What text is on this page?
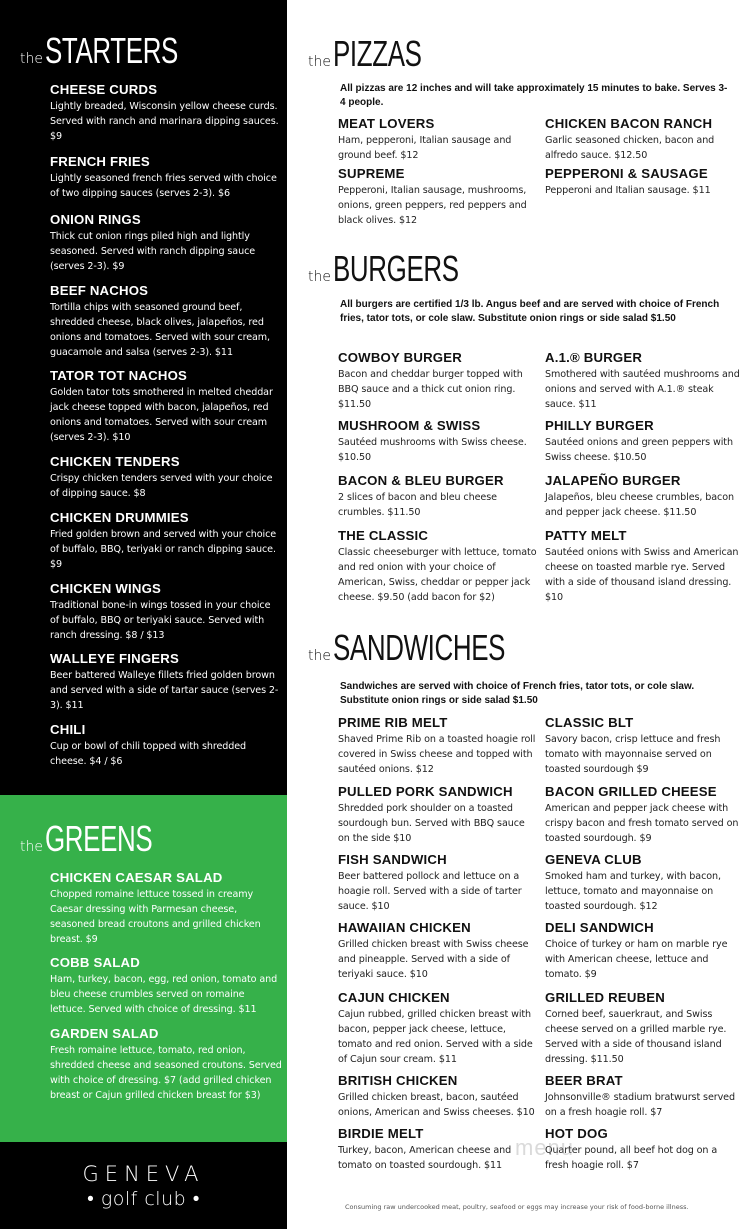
the STARTERS
CHEESE CURDS
Lightly breaded, Wisconsin yellow cheese curds. Served with ranch and marinara dipping sauces. $9
FRENCH FRIES
Lightly seasoned french fries served with choice of two dipping sauces (serves 2-3). $6
ONION RINGS
Thick cut onion rings piled high and lightly seasoned. Served with ranch dipping sauce (serves 2-3). $9
BEEF NACHOS
Tortilla chips with seasoned ground beef, shredded cheese, black olives, jalapeños, red onions and tomatoes. Served with sour cream, guacamole and salsa (serves 2-3). $11
TATOR TOT NACHOS
Golden tator tots smothered in melted cheddar jack cheese topped with bacon, jalapeños, red onions and tomatoes. Served with sour cream (serves 2-3). $10
CHICKEN TENDERS
Crispy chicken tenders served with your choice of dipping sauce. $8
CHICKEN DRUMMIES
Fried golden brown and served with your choice of buffalo, BBQ, teriyaki or ranch dipping sauce. $9
CHICKEN WINGS
Traditional bone-in wings tossed in your choice of buffalo, BBQ or teriyaki sauce. Served with ranch dressing. $8 / $13
WALLEYE FINGERS
Beer battered Walleye fillets fried golden brown and served with a side of tartar sauce (serves 2-3). $11
CHILI
Cup or bowl of chili topped with shredded cheese. $4 / $6
the GREENS
CHICKEN CAESAR SALAD
Chopped romaine lettuce tossed in creamy Caesar dressing with Parmesan cheese, seasoned bread croutons and grilled chicken breast. $9
COBB SALAD
Ham, turkey, bacon, egg, red onion, tomato and bleu cheese crumbles served on romaine lettuce. Served with choice of dressing. $11
GARDEN SALAD
Fresh romaine lettuce, tomato, red onion, shredded cheese and seasoned croutons. Served with choice of dressing. $7 (add grilled chicken breast or Cajun grilled chicken breast for $3)
GENEVA
• golf club •
the PIZZAS
All pizzas are 12 inches and will take approximately 15 minutes to bake. Serves 3-4 people.
MEAT LOVERS
Ham, pepperoni, Italian sausage and ground beef. $12
CHICKEN BACON RANCH
Garlic seasoned chicken, bacon and alfredo sauce. $12.50
SUPREME
Pepperoni, Italian sausage, mushrooms, onions, green peppers, red peppers and black olives. $12
PEPPERONI & SAUSAGE
Pepperoni and Italian sausage. $11
the BURGERS
All burgers are certified 1/3 lb. Angus beef and are served with choice of French fries, tator tots, or cole slaw. Substitute onion rings or side salad $1.50
COWBOY BURGER
Bacon and cheddar burger topped with BBQ sauce and a thick cut onion ring. $11.50
A.1.® BURGER
Smothered with sautéed mushrooms and onions and served with A.1.® steak sauce. $11
MUSHROOM & SWISS
Sautéed mushrooms with Swiss cheese. $10.50
PHILLY BURGER
Sautéed onions and green peppers with Swiss cheese. $10.50
BACON & BLEU BURGER
2 slices of bacon and bleu cheese crumbles. $11.50
JALAPEÑO BURGER
Jalapeños, bleu cheese crumbles, bacon and pepper jack cheese. $11.50
THE CLASSIC
Classic cheeseburger with lettuce, tomato and red onion with your choice of American, Swiss, cheddar or pepper jack cheese. $9.50 (add bacon for $2)
PATTY MELT
Sautéed onions with Swiss and American cheese on toasted marble rye. Served with a side of thousand island dressing. $10
the SANDWICHES
Sandwiches are served with choice of French fries, tator tots, or cole slaw. Substitute onion rings or side salad $1.50
PRIME RIB MELT
Shaved Prime Rib on a toasted hoagie roll covered in Swiss cheese and topped with sautéed onions. $12
CLASSIC BLT
Savory bacon, crisp lettuce and fresh tomato with mayonnaise served on toasted sourdough $9
PULLED PORK SANDWICH
Shredded pork shoulder on a toasted sourdough bun. Served with BBQ sauce on the side $10
BACON GRILLED CHEESE
American and pepper jack cheese with crispy bacon and fresh tomato served on toasted sourdough. $9
FISH SANDWICH
Beer battered pollock and lettuce on a hoagie roll. Served with a side of tarter sauce. $10
GENEVA CLUB
Smoked ham and turkey, with bacon, lettuce, tomato and mayonnaise on toasted sourdough. $12
HAWAIIAN CHICKEN
Grilled chicken breast with Swiss cheese and pineapple. Served with a side of teriyaki sauce. $10
DELI SANDWICH
Choice of turkey or ham on marble rye with American cheese, lettuce and tomato. $9
CAJUN CHICKEN
Cajun rubbed, grilled chicken breast with bacon, pepper jack cheese, lettuce, tomato and red onion. Served with a side of Cajun sour cream. $11
GRILLED REUBEN
Corned beef, sauerkraut, and Swiss cheese served on a grilled marble rye. Served with a side of thousand island dressing. $11.50
BRITISH CHICKEN
Grilled chicken breast, bacon, sautéed onions, American and Swiss cheeses. $10
BEER BRAT
Johnsonville® stadium bratwurst served on a fresh hoagie roll. $7
BIRDIE MELT
Turkey, bacon, American cheese and tomato on toasted sourdough. $11
HOT DOG
Quarter pound, all beef hot dog on a fresh hoagie roll. $7
menu
Consuming raw undercooked meat, poultry, seafood or eggs may increase your risk of food-borne illness.
